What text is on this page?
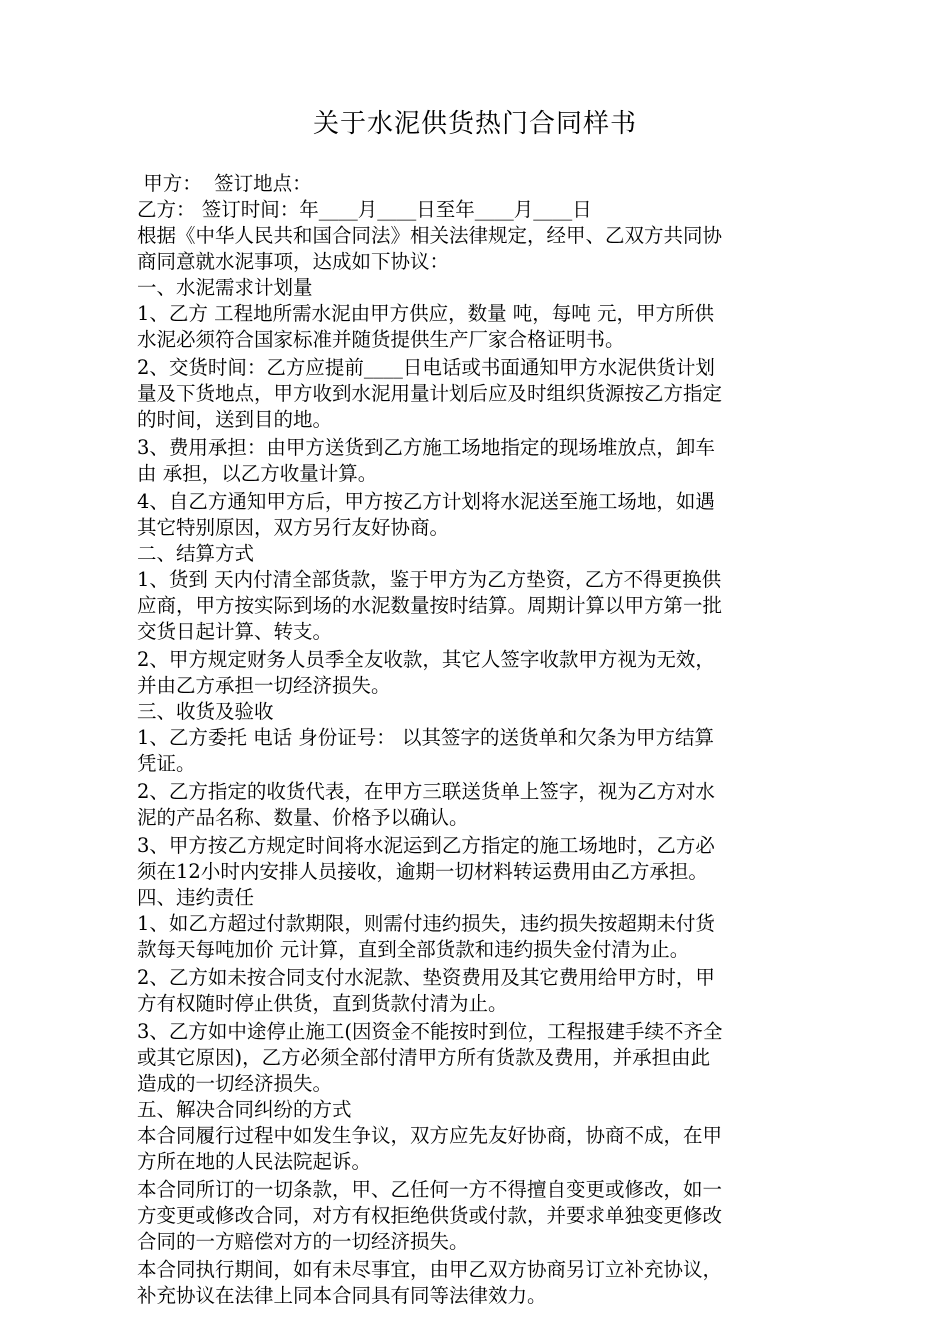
关于水泥供货热门合同样书
甲方：  签订地点：
乙方： 签订时间：年____月____日至年____月____日
根据《中华人民共和国合同法》相关法律规定，经甲、乙双方共同协
商同意就水泥事项，达成如下协议：
一、水泥需求计划量
1、乙方 工程地所需水泥由甲方供应，数量 吨，每吨 元，甲方所供
水泥必须符合国家标准并随货提供生产厂家合格证明书。
2、交货时间：乙方应提前____日电话或书面通知甲方水泥供货计划
量及下货地点，甲方收到水泥用量计划后应及时组织货源按乙方指定
的时间，送到目的地。
3、费用承担：由甲方送货到乙方施工场地指定的现场堆放点，卸车
由 承担，以乙方收量计算。
4、自乙方通知甲方后，甲方按乙方计划将水泥送至施工场地，如遇
其它特别原因，双方另行友好协商。
二、结算方式
1、货到 天内付清全部货款，鉴于甲方为乙方垫资，乙方不得更换供
应商，甲方按实际到场的水泥数量按时结算。周期计算以甲方第一批
交货日起计算、转支。
2、甲方规定财务人员季全友收款，其它人签字收款甲方视为无效，
并由乙方承担一切经济损失。
三、收货及验收
1、乙方委托 电话 身份证号： 以其签字的送货单和欠条为甲方结算
凭证。
2、乙方指定的收货代表，在甲方三联送货单上签字，视为乙方对水
泥的产品名称、数量、价格予以确认。
3、甲方按乙方规定时间将水泥运到乙方指定的施工场地时，乙方必
须在12小时内安排人员接收，逾期一切材料转运费用由乙方承担。
四、违约责任
1、如乙方超过付款期限，则需付违约损失，违约损失按超期未付货
款每天每吨加价 元计算，直到全部货款和违约损失金付清为止。
2、乙方如未按合同支付水泥款、垫资费用及其它费用给甲方时，甲
方有权随时停止供货，直到货款付清为止。
3、乙方如中途停止施工(因资金不能按时到位，工程报建手续不齐全
或其它原因)，乙方必须全部付清甲方所有货款及费用，并承担由此
造成的一切经济损失。
五、解决合同纠纷的方式
本合同履行过程中如发生争议，双方应先友好协商，协商不成，在甲
方所在地的人民法院起诉。
本合同所订的一切条款，甲、乙任何一方不得擅自变更或修改，如一
方变更或修改合同，对方有权拒绝供货或付款，并要求单独变更修改
合同的一方赔偿对方的一切经济损失。
本合同执行期间，如有未尽事宜，由甲乙双方协商另订立补充协议，
补充协议在法律上同本合同具有同等法律效力。
